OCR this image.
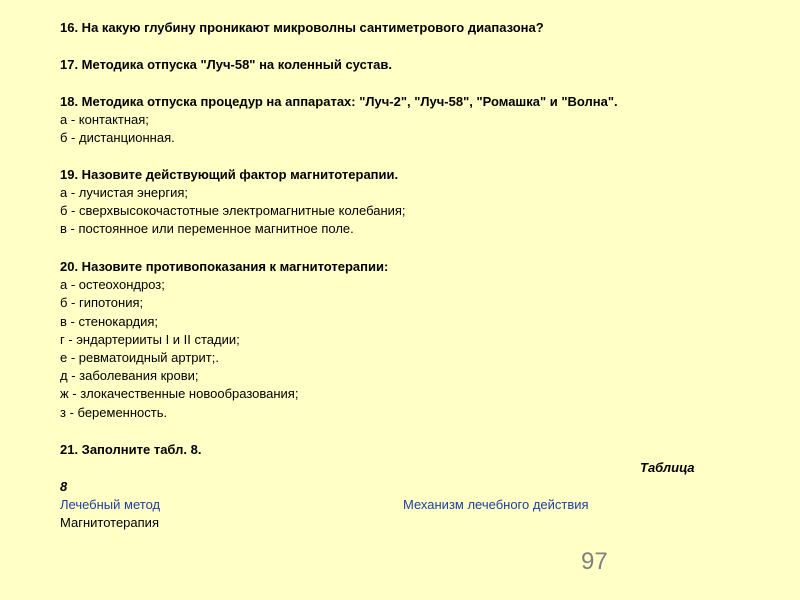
16. На какую глубину проникают микроволны сантиметрового диапазона?
17. Методика отпуска "Луч-58" на коленный сустав.
18. Методика отпуска процедур на аппаратах: "Луч-2", "Луч-58", "Ромашка" и "Волна".
а - контактная;
б - дистанционная.
19. Назовите действующий фактор магнитотерапии.
а - лучистая энергия;
б - сверхвысокочастотные электромагнитные колебания;
в - постоянное или переменное магнитное поле.
20. Назовите противопоказания к магнитотерапии:
а - остеохондроз;
б - гипотония;
в - стенокардия;
г - эндартерииты I и II стадии;
е - ревматоидный артрит;.
д - заболевания крови;
ж - злокачественные новообразования;
з - беременность.
21. Заполните табл. 8.
Таблица
8
Лечебный метод	Механизм лечебного действия
Магнитотерапия
97
